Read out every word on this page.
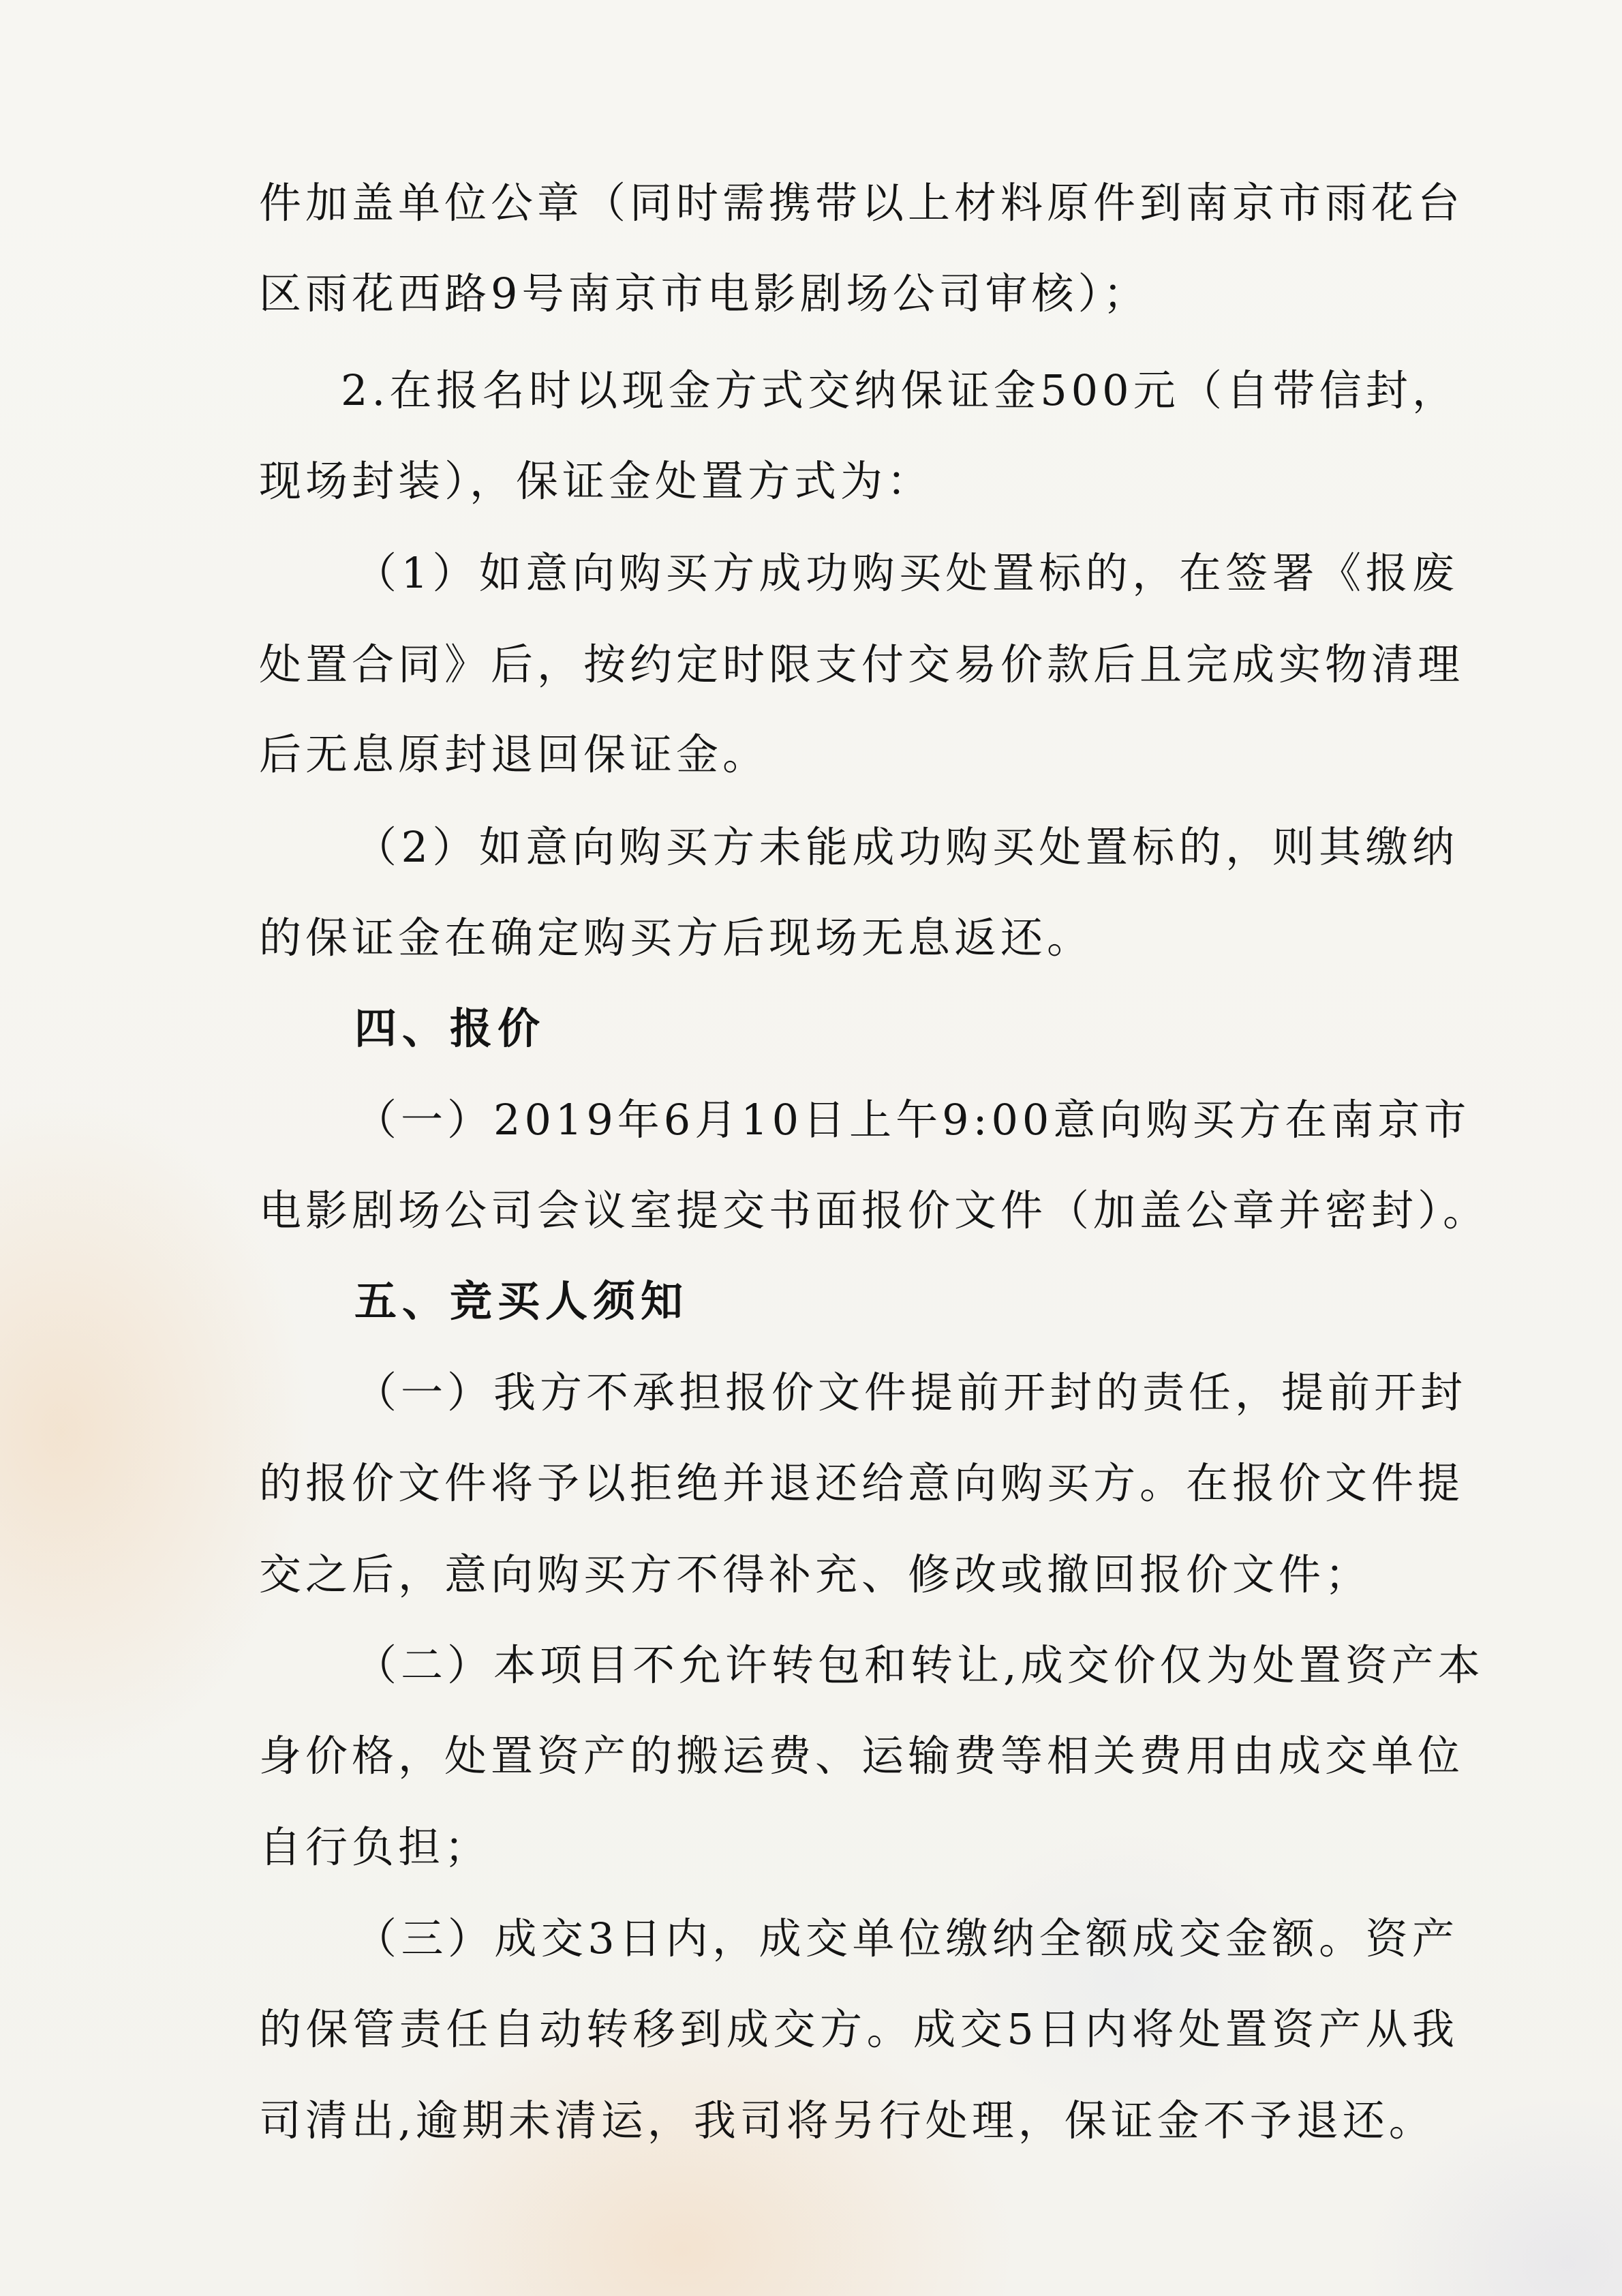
件加盖单位公章（同时需携带以上材料原件到南京市雨花台
区雨花西路9号南京市电影剧场公司审核）；
2.在报名时以现金方式交纳保证金500元（自带信封，
现场封装），保证金处置方式为：
（1）如意向购买方成功购买处置标的，在签署《报废
处置合同》后，按约定时限支付交易价款后且完成实物清理
后无息原封退回保证金。
（2）如意向购买方未能成功购买处置标的，则其缴纳
的保证金在确定购买方后现场无息返还。
四、报价
（一）2019年6月10日上午9:00意向购买方在南京市
电影剧场公司会议室提交书面报价文件（加盖公章并密封）。
五、竞买人须知
（一）我方不承担报价文件提前开封的责任，提前开封
的报价文件将予以拒绝并退还给意向购买方。在报价文件提
交之后，意向购买方不得补充、修改或撤回报价文件；
（二）本项目不允许转包和转让,成交价仅为处置资产本
身价格，处置资产的搬运费、运输费等相关费用由成交单位
自行负担；
（三）成交3日内，成交单位缴纳全额成交金额。资产
的保管责任自动转移到成交方。成交5日内将处置资产从我
司清出,逾期未清运，我司将另行处理，保证金不予退还。
